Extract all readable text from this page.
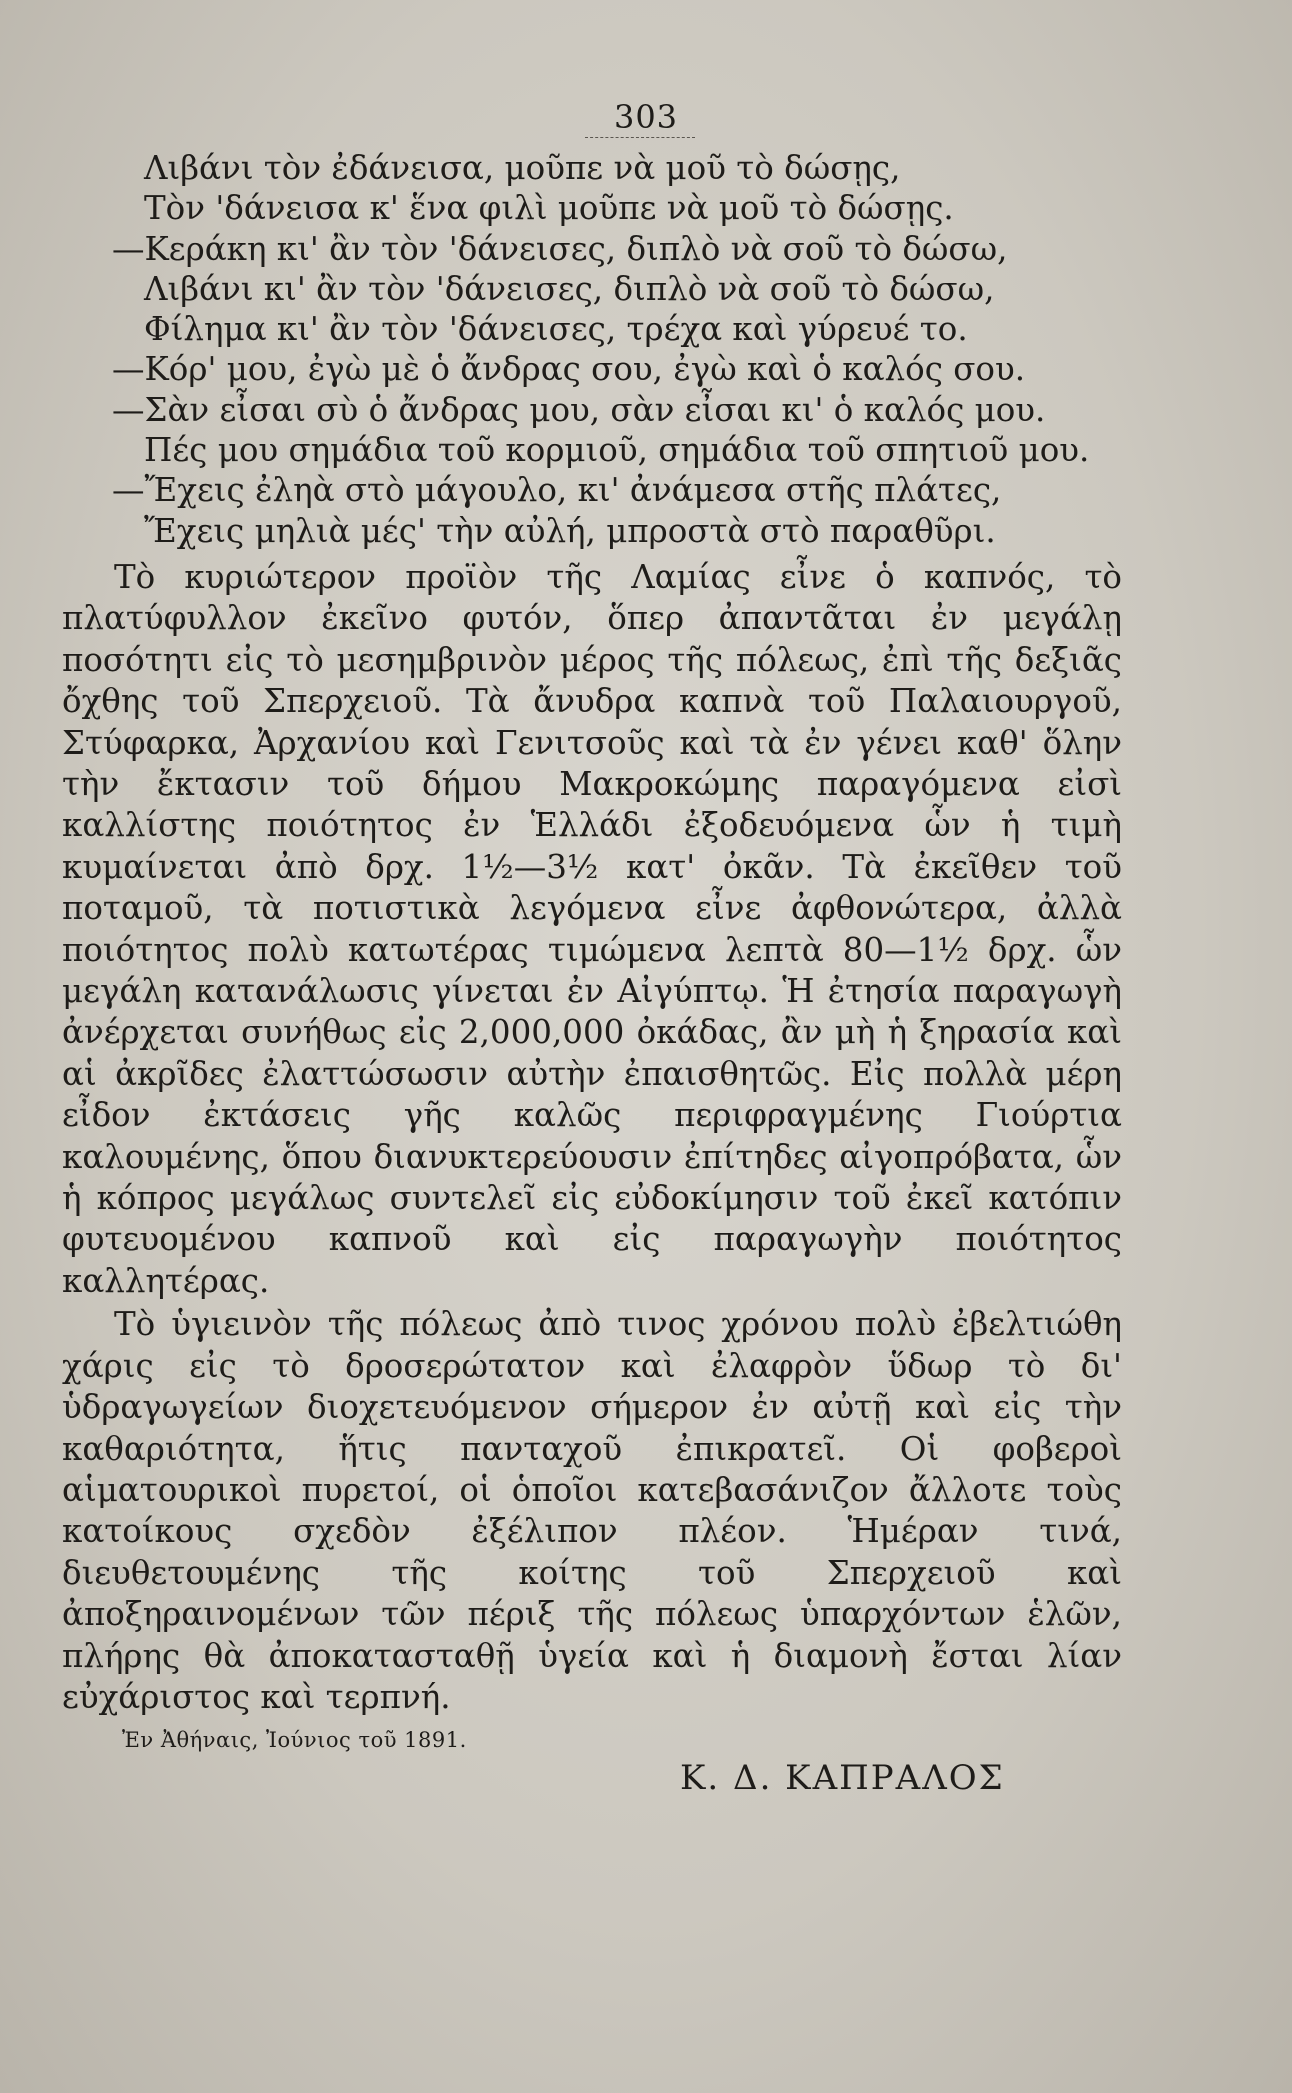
303
Λιβάνι τὸν ἐδάνεισα, μοῦπε νὰ μοῦ τὸ δώσῃς,
Τὸν 'δάνεισα κ' ἕνα φιλὶ μοῦπε νὰ μοῦ τὸ δώσῃς.
—Κεράκη κι' ἂν τὸν 'δάνεισες, διπλὸ νὰ σοῦ τὸ δώσω,
Λιβάνι κι' ἂν τὸν 'δάνεισες, διπλὸ νὰ σοῦ τὸ δώσω,
Φίλημα κι' ἂν τὸν 'δάνεισες, τρέχα καὶ γύρευέ το.
—Κόρ' μου, ἐγὼ μὲ ὁ ἄνδρας σου, ἐγὼ καὶ ὁ καλός σου.
—Σὰν εἶσαι σὺ ὁ ἄνδρας μου, σὰν εἶσαι κι' ὁ καλός μου.
Πές μου σημάδια τοῦ κορμιοῦ, σημάδια τοῦ σπητιοῦ μου.
—Ἔχεις ἐληὰ στὸ μάγουλο, κι' ἀνάμεσα στῆς πλάτες,
Ἔχεις μηλιὰ μές' τὴν αὐλή, μπροστὰ στὸ παραθῦρι.

Τὸ κυριώτερον προϊὸν τῆς Λαμίας εἶνε ὁ καπνός, τὸ πλατύφυλλον ἐκεῖνο φυτόν, ὅπερ ἀπαντᾶται ἐν μεγάλῃ ποσότητι εἰς τὸ μεσημβρινὸν μέρος τῆς πόλεως, ἐπὶ τῆς δεξιᾶς ὄχθης τοῦ Σπερχειοῦ. Τὰ ἄνυδρα καπνὰ τοῦ Παλαιουργοῦ, Στύφαρκα, Ἀρχανίου καὶ Γενιτσοῦς καὶ τὰ ἐν γένει καθ' ὅλην τὴν ἔκτασιν τοῦ δήμου Μακροκώμης παραγόμενα εἰσὶ καλλίστης ποιότητος ἐν Ἑλλάδι ἐξοδευόμενα ὧν ἡ τιμὴ κυμαίνεται ἀπὸ δρχ. 1½—3½ κατ' ὀκᾶν. Τὰ ἐκεῖθεν τοῦ ποταμοῦ, τὰ ποτιστικὰ λεγόμενα εἶνε ἀφθονώτερα, ἀλλὰ ποιότητος πολὺ κατωτέρας τιμώμενα λεπτὰ 80—1½ δρχ. ὧν μεγάλη κατανάλωσις γίνεται ἐν Αἰγύπτῳ. Ἡ ἐτησία παραγωγὴ ἀνέρχεται συνήθως εἰς 2,000,000 ὀκάδας, ἂν μὴ ἡ ξηρασία καὶ αἱ ἀκρῖδες ἐλαττώσωσιν αὐτὴν ἐπαισθητῶς. Εἰς πολλὰ μέρη εἶδον ἐκτάσεις γῆς καλῶς περιφραγμένης Γιούρτια καλουμένης, ὅπου διανυκτερεύουσιν ἐπίτηδες αἰγοπρόβατα, ὧν ἡ κόπρος μεγάλως συντελεῖ εἰς εὐδοκίμησιν τοῦ ἐκεῖ κατόπιν φυτευομένου καπνοῦ καὶ εἰς παραγωγὴν ποιότητος καλλητέρας.

Τὸ ὑγιεινὸν τῆς πόλεως ἀπὸ τινος χρόνου πολὺ ἐβελτιώθη χάρις εἰς τὸ δροσερώτατον καὶ ἐλαφρὸν ὕδωρ τὸ δι' ὑδραγωγείων διοχετευόμενον σήμερον ἐν αὐτῇ καὶ εἰς τὴν καθαριότητα, ἥτις πανταχοῦ ἐπικρατεῖ. Οἱ φοβεροὶ αἱματουρικοὶ πυρετοί, οἱ ὁποῖοι κατεβασάνιζον ἄλλοτε τοὺς κατοίκους σχεδὸν ἐξέλιπον πλέον. Ἡμέραν τινά, διευθετουμένης τῆς κοίτης τοῦ Σπερχειοῦ καὶ ἀποξηραινομένων τῶν πέριξ τῆς πόλεως ὑπαρχόντων ἑλῶν, πλήρης θὰ ἀποκατασταθῇ ὑγεία καὶ ἡ διαμονὴ ἔσται λίαν εὐχάριστος καὶ τερπνή.

Ἐν Ἀθήναις, Ἰούνιος τοῦ 1891.
Κ. Δ. ΚΑΠΡΑΛΟΣ
